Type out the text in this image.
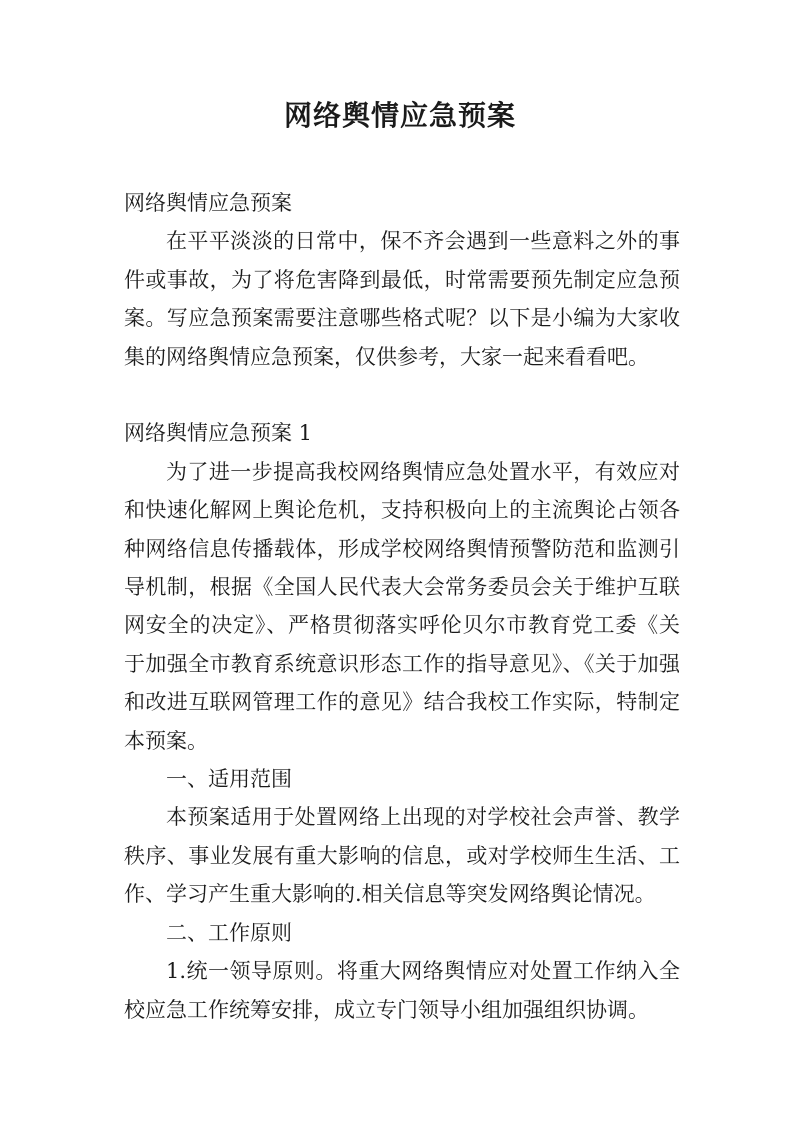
网络舆情应急预案

网络舆情应急预案

在平平淡淡的日常中，保不齐会遇到一些意料之外的事件或事故，为了将危害降到最低，时常需要预先制定应急预案。写应急预案需要注意哪些格式呢？以下是小编为大家收集的网络舆情应急预案，仅供参考，大家一起来看看吧。

网络舆情应急预案 1

为了进一步提高我校网络舆情应急处置水平，有效应对和快速化解网上舆论危机，支持积极向上的主流舆论占领各种网络信息传播载体，形成学校网络舆情预警防范和监测引导机制，根据《全国人民代表大会常务委员会关于维护互联网安全的决定》、严格贯彻落实呼伦贝尔市教育党工委《关于加强全市教育系统意识形态工作的指导意见》、《关于加强和改进互联网管理工作的意见》结合我校工作实际，特制定本预案。

一、适用范围

本预案适用于处置网络上出现的对学校社会声誉、教学秩序、事业发展有重大影响的信息，或对学校师生生活、工作、学习产生重大影响的.相关信息等突发网络舆论情况。

二、工作原则

1.统一领导原则。将重大网络舆情应对处置工作纳入全校应急工作统筹安排，成立专门领导小组加强组织协调。
